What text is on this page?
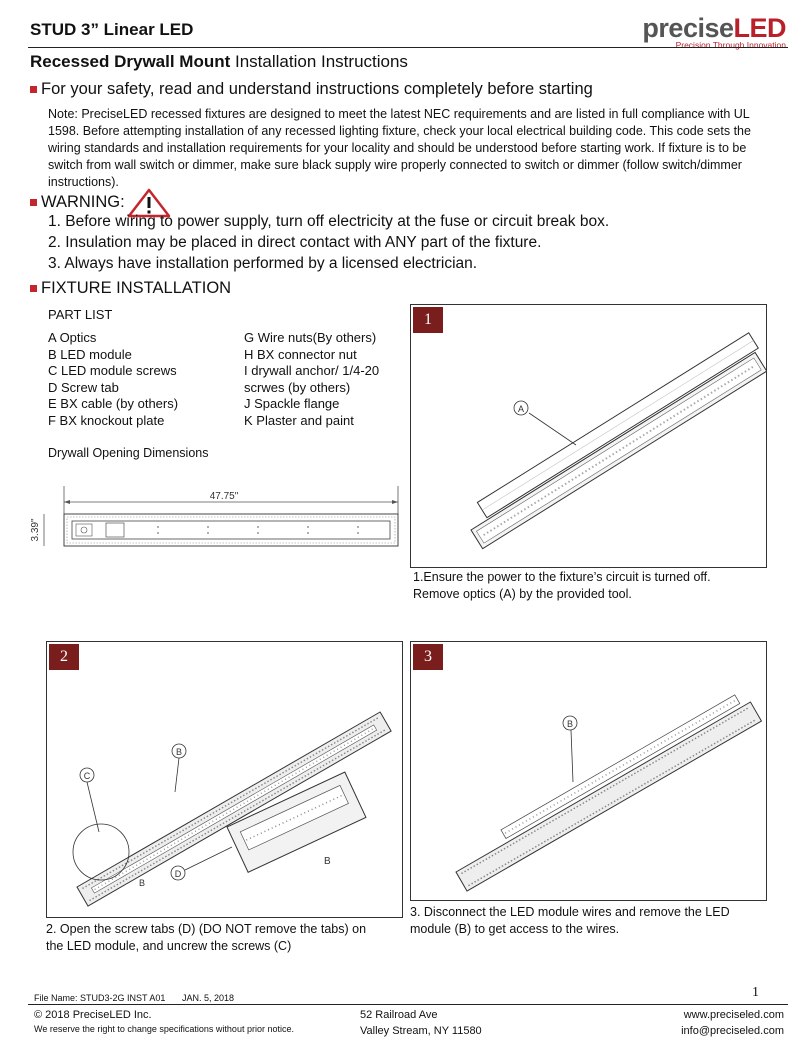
STUD 3” Linear LED	preciseLED
Precision Through Innovation
Recessed Drywall Mount Installation Instructions
For your safety, read and understand instructions completely before starting
Note: PreciseLED recessed fixtures are designed to meet the latest NEC requirements and are listed in full compliance with UL 1598. Before attempting installation of any recessed lighting fixture, check your local electrical building code. This code sets the wiring standards and installation requirements for your locality and should be understood before starting work. If fixture is to be switch from wall switch or dimmer, make sure black supply wire properly connected to switch or dimmer (follow switch/dimmer instructions).
WARNING:
1. Before wiring to power supply, turn off electricity at the fuse or circuit break box.
2. Insulation may be placed in direct contact with ANY part of the fixture.
3. Always have installation performed by a licensed electrician.
FIXTURE INSTALLATION
PART LIST
A Optics
B LED module
C LED module screws
D Screw tab
E BX cable (by others)
F BX knockout plate
G Wire nuts(By others)
H BX connector nut
I drywall anchor/ 1/4-20
scrwes (by others)
J Spackle flange
K Plaster and paint
Drywall Opening Dimensions
47.75"
3.39"
1
A
1.Ensure the power to the fixture’s circuit is turned off.
Remove optics (A) by the provided tool.
2
C
B
D
B
B
2. Open the screw tabs (D) (DO NOT remove the tabs) on
the LED module, and uncrew the screws (C)
3
B
3. Disconnect the LED module wires and remove the LED
module (B) to get access to the wires.
File Name: STUD3-2G INST A01 JAN. 5, 2018	1
© 2018 PreciseLED Inc.
We reserve the right to change specifications without prior notice.
52 Railroad Ave
Valley Stream, NY 11580
www.preciseled.com
info@preciseled.com
